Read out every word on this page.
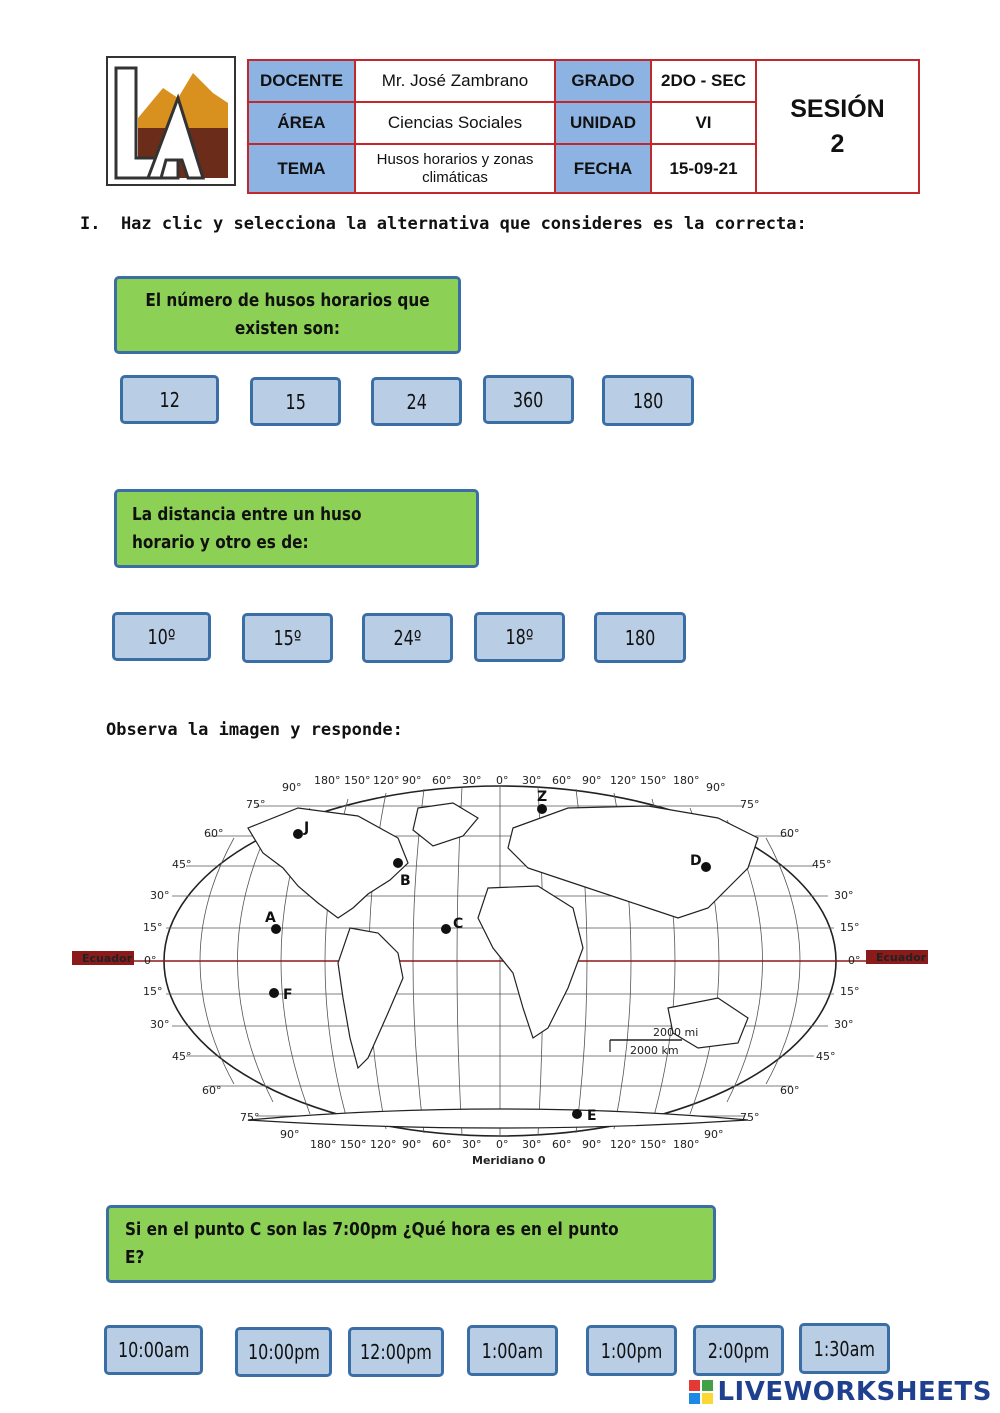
DOCENTE	Mr. José Zambrano	GRADO	2DO - SEC	SESIÓN
2

ÁREA	Ciencias Sociales	UNIDAD	VI	
TEMA	Husos horarios y zonas climáticas	FECHA	15-09-21	
I.  Haz clic y selecciona la alternativa que consideres es la correcta:
El número de husos horarios que existen son:
12	15	24	360	180
La distancia entre un huso horario y otro es de:
10º	15º	24º	18º	180
Observa la imagen y responde:
2000 mi
2000 km
90°
180° 150° 120° 90° 60° 30° 0° 30° 60° 90° 120° 150° 180°
90°
90°
180° 150° 120° 90° 60° 30° 0° 30° 60° 90° 120° 150° 180°
90°
Meridiano 0
75°
60°
45°
30°
15°
0°
15°
30°
45°
60°
75°
75°
60°
45°
30°
15°
0°
15°
30°
45°
60°
75°
Ecuador	Ecuador
J
Z
B
D
A	C
F
E
Si en el punto C son las 7:00pm ¿Qué hora es en el punto E?
10:00am	10:00pm 12:00pm 1:00am	1:00pm 2:00pm 1:30am
LIVEWORKSHEETS
